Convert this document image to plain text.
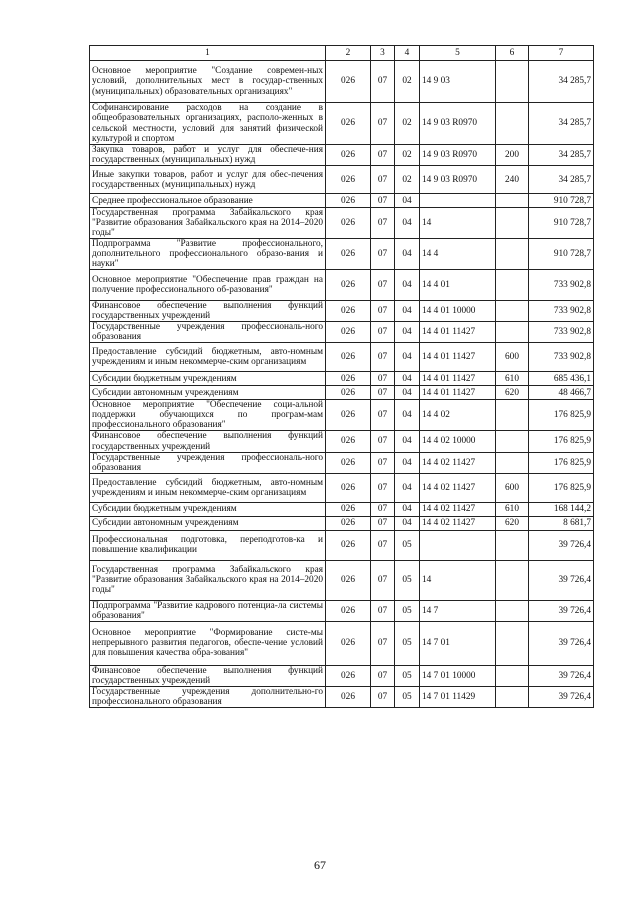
1	2	3	4	5	6	7
Основное мероприятие "Создание современ-ных условий, дополнительных мест в государ-ственных (муниципальных) образовательных организациях"	026	07	02	14 9 03		34 285,7
Софинансирование расходов на создание в общеобразовательных организациях, располо-женных в сельской местности, условий для занятий физической культурой и спортом	026	07	02	14 9 03 R0970		34 285,7
Закупка товаров, работ и услуг для обеспече-ния государственных (муниципальных) нужд	026	07	02	14 9 03 R0970	200	34 285,7
Иные закупки товаров, работ и услуг для обес-печения государственных (муниципальных) нужд	026	07	02	14 9 03 R0970	240	34 285,7
Среднее профессиональное образование	026	07	04			910 728,7
Государственная программа Забайкальского края "Развитие образования Забайкальского края на 2014–2020 годы"	026	07	04	14		910 728,7
Подпрограмма "Развитие профессионального, дополнительного профессионального образо-вания и науки"	026	07	04	14 4		910 728,7
Основное мероприятие "Обеспечение прав граждан на получение профессионального об-разования"	026	07	04	14 4 01		733 902,8
Финансовое обеспечение выполнения функций государственных учреждений	026	07	04	14 4 01 10000		733 902,8
Государственные учреждения профессиональ-ного образования	026	07	04	14 4 01 11427		733 902,8
Предоставление субсидий бюджетным, авто-номным учреждениям и иным некоммерче-ским организациям	026	07	04	14 4 01 11427	600	733 902,8
Субсидии бюджетным учреждениям	026	07	04	14 4 01 11427	610	685 436,1
Субсидии автономным учреждениям	026	07	04	14 4 01 11427	620	48 466,7
Основное мероприятие "Обеспечение соци-альной поддержки обучающихся по програм-мам профессионального образования"	026	07	04	14 4 02		176 825,9
Финансовое обеспечение выполнения функций государственных учреждений	026	07	04	14 4 02 10000		176 825,9
Государственные учреждения профессиональ-ного образования	026	07	04	14 4 02 11427		176 825,9
Предоставление субсидий бюджетным, авто-номным учреждениям и иным некоммерче-ским организациям	026	07	04	14 4 02 11427	600	176 825,9
Субсидии бюджетным учреждениям	026	07	04	14 4 02 11427	610	168 144,2
Субсидии автономным учреждениям	026	07	04	14 4 02 11427	620	8 681,7
Профессиональная подготовка, переподготов-ка и повышение квалификации	026	07	05			39 726,4
Государственная программа Забайкальского края "Развитие образования Забайкальского края на 2014–2020 годы"	026	07	05	14		39 726,4
Подпрограмма "Развитие кадрового потенциа-ла системы образования"	026	07	05	14 7		39 726,4
Основное мероприятие "Формирование систе-мы непрерывного развития педагогов, обеспе-чение условий для повышения качества обра-зования"	026	07	05	14 7 01		39 726,4
Финансовое обеспечение выполнения функций государственных учреждений	026	07	05	14 7 01 10000		39 726,4
Государственные учреждения дополнительно-го профессионального образования	026	07	05	14 7 01 11429		39 726,4
67
